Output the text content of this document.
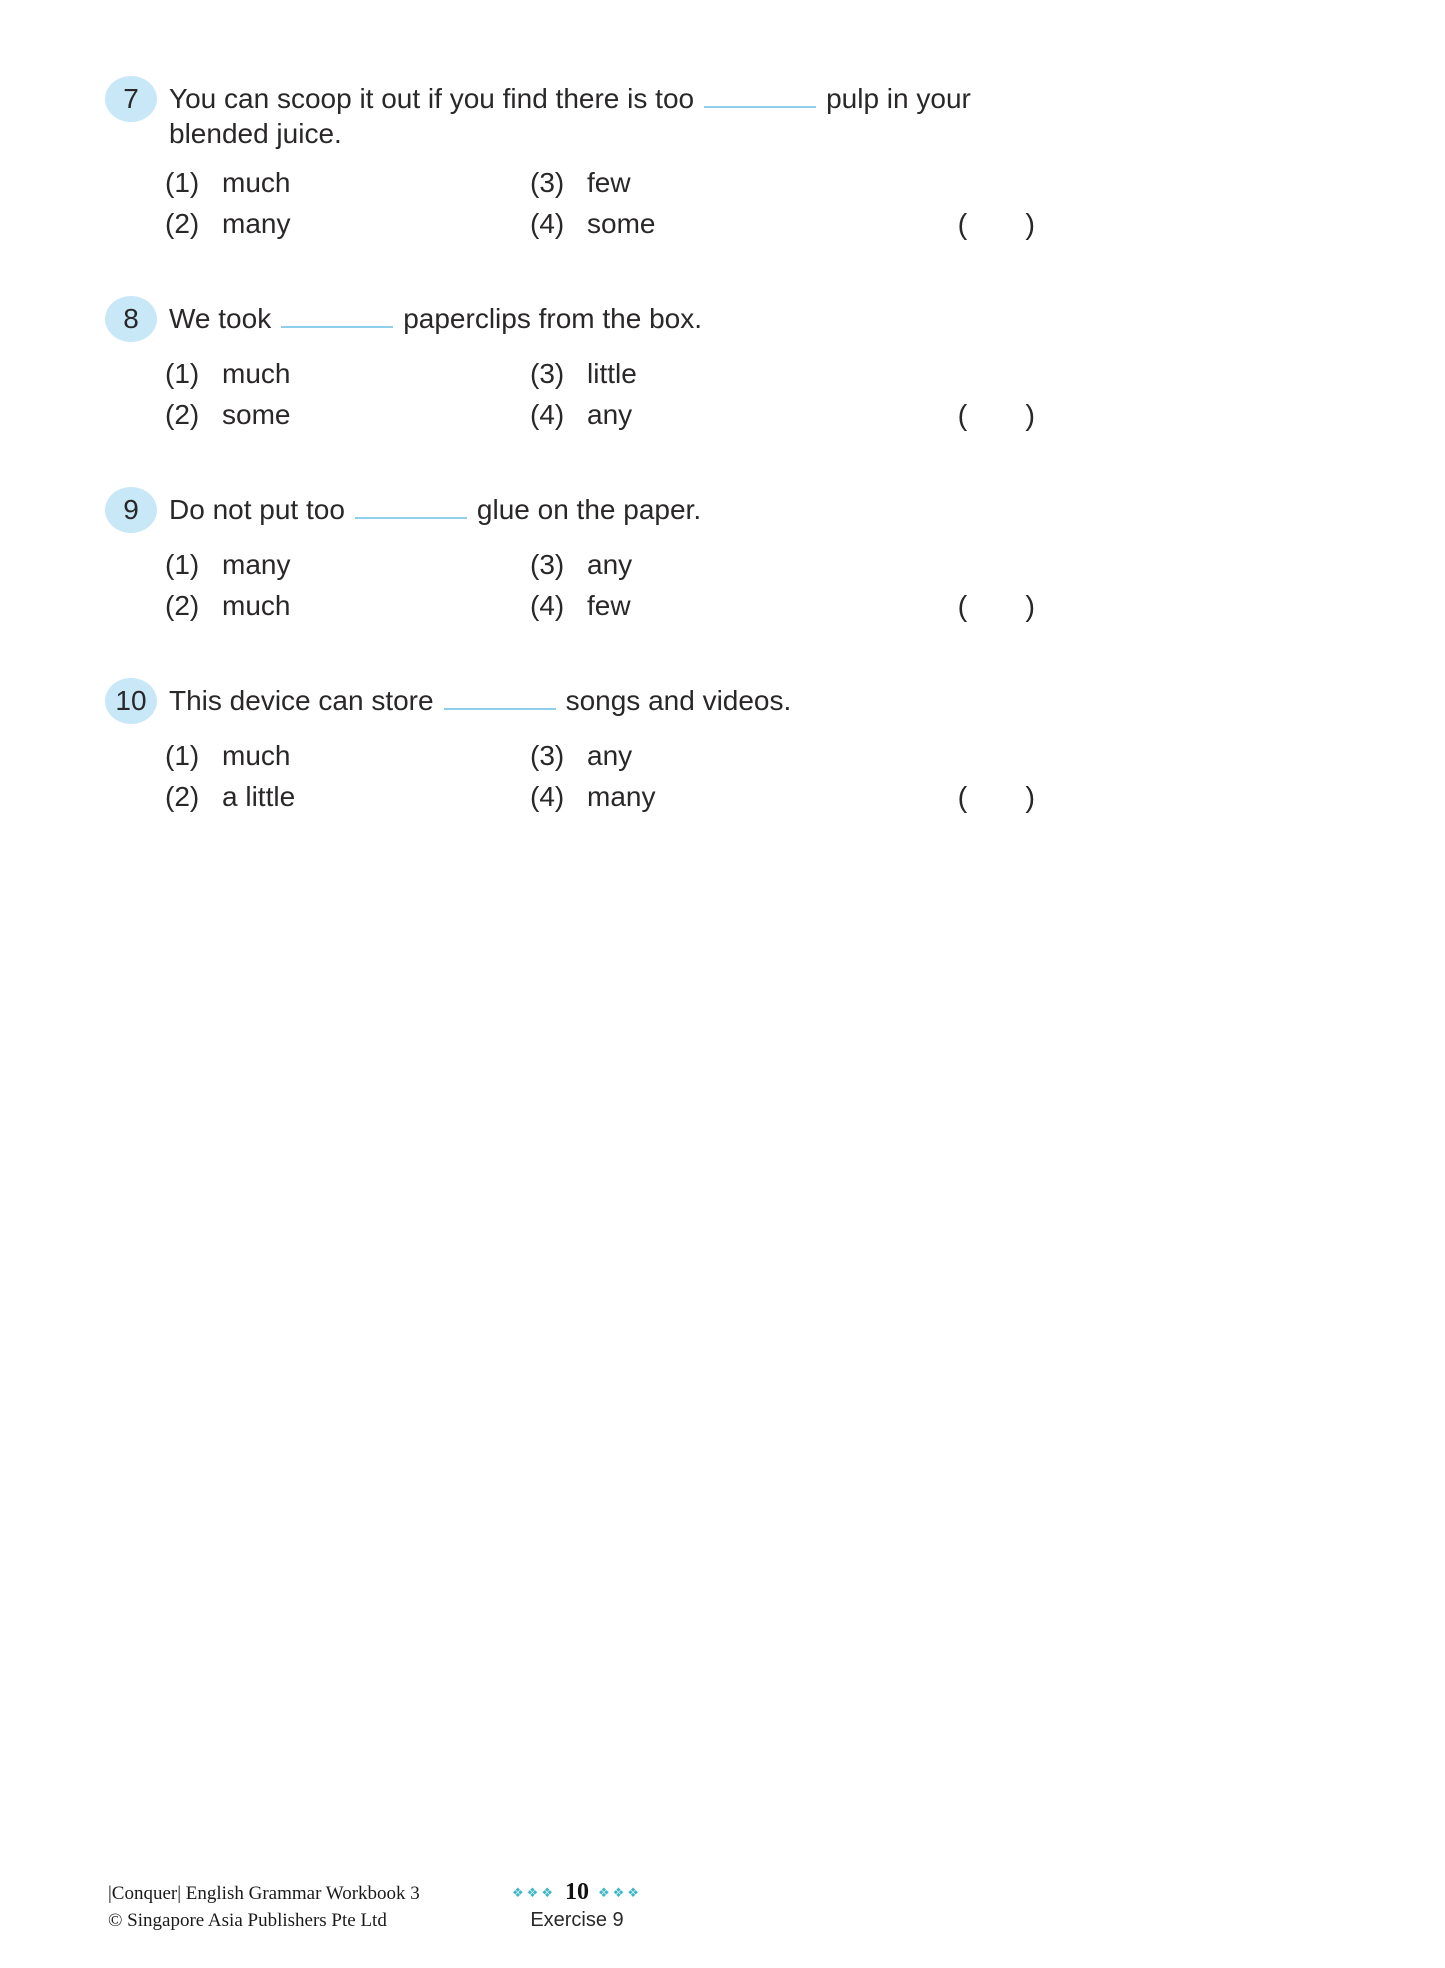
7 You can scoop it out if you find there is too	pulp in your blended juice.
(1) much	(3) few
(2) many	(4) some	( )
8 We took	paperclips from the box.
(1) much	(3) little
(2) some	(4) any	( )
9 Do not put too	glue on the paper.
(1) many	(3) any
(2) much	(4) few	( )
10 This device can store	songs and videos.
(1) much	(3) any
(2) a little	(4) many	( )
|Conquer| English Grammar Workbook 3
© Singapore Asia Publishers Pte Ltd
❖❖❖ 10 ❖❖❖
Exercise 9
